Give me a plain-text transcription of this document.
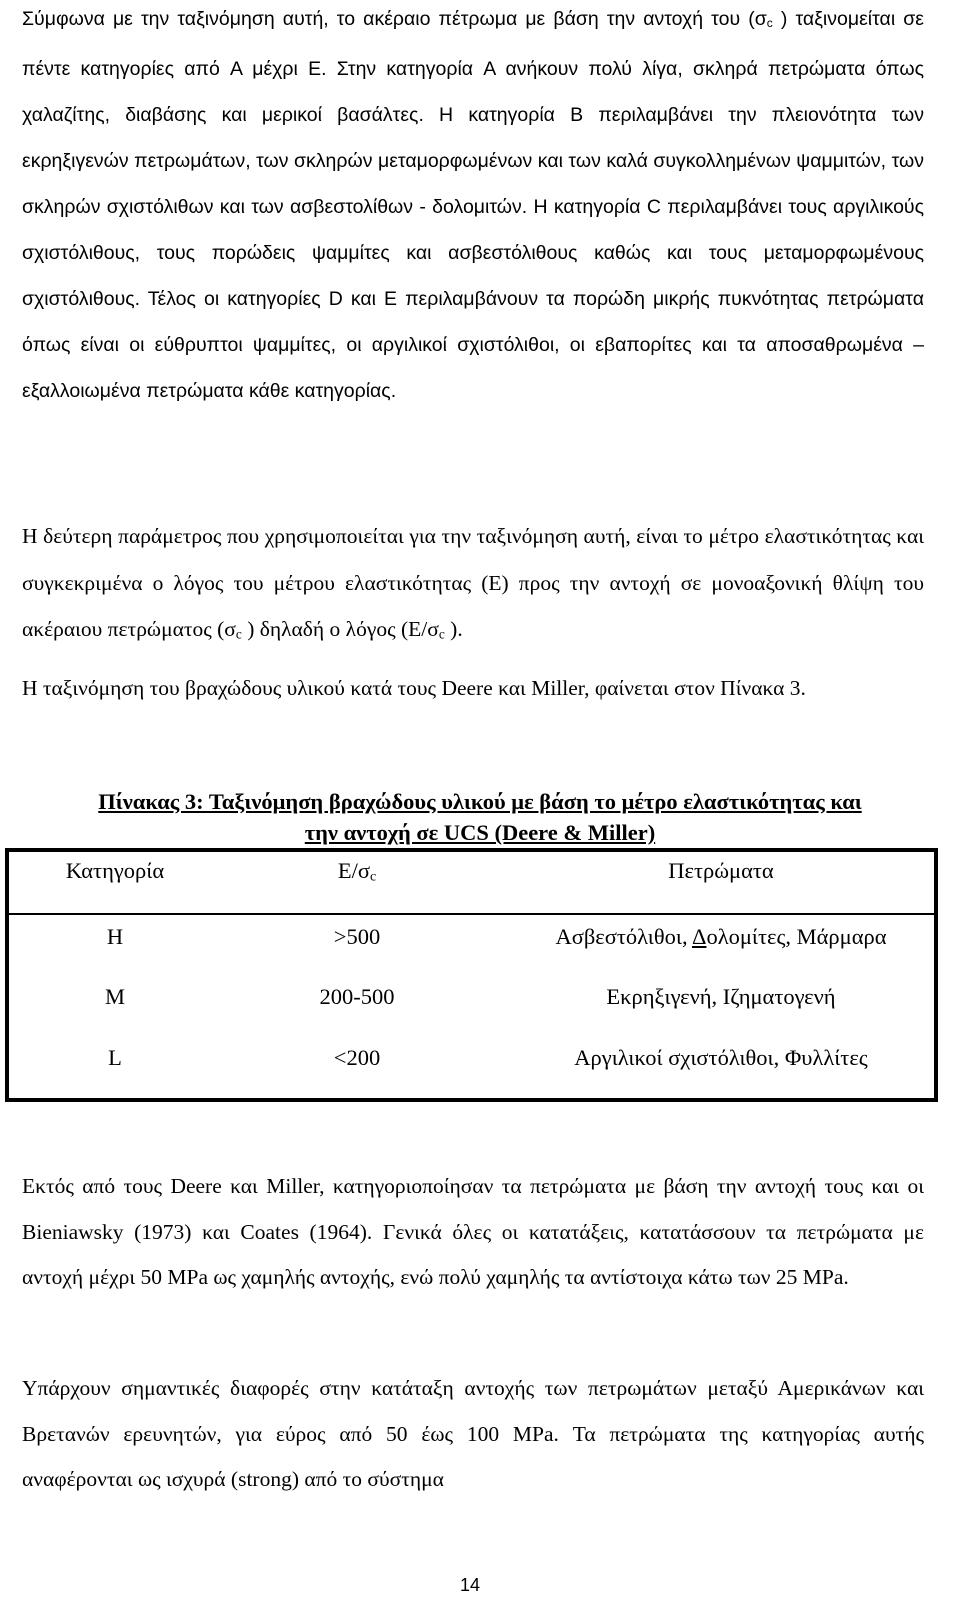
Σύμφωνα με την ταξινόμηση αυτή, το ακέραιο πέτρωμα με βάση την αντοχή του (σc ) ταξινομείται σε πέντε κατηγορίες από A μέχρι E. Στην κατηγορία A ανήκουν πολύ λίγα, σκληρά πετρώματα όπως χαλαζίτης, διαβάσης και μερικοί βασάλτες. Η κατηγορία B περιλαμβάνει την πλειονότητα των εκρηξιγενών πετρωμάτων, των σκληρών μεταμορφωμένων και των καλά συγκολλημένων ψαμμιτών, των σκληρών σχιστόλιθων και των ασβεστολίθων - δολομιτών. Η κατηγορία C περιλαμβάνει τους αργιλικούς σχιστόλιθους, τους πορώδεις ψαμμίτες και ασβεστόλιθους καθώς και τους μεταμορφωμένους σχιστόλιθους. Τέλος οι κατηγορίες D και E περιλαμβάνουν τα πορώδη μικρής πυκνότητας πετρώματα όπως είναι οι εύθρυπτοι ψαμμίτες, οι αργιλικοί σχιστόλιθοι, οι εβαπορίτες και τα αποσαθρωμένα – εξαλλοιωμένα πετρώματα κάθε κατηγορίας.

Η δεύτερη παράμετρος που χρησιμοποιείται για την ταξινόμηση αυτή, είναι το μέτρο ελαστικότητας και συγκεκριμένα ο λόγος του μέτρου ελαστικότητας (E) προς την αντοχή σε μονοαξονική θλίψη του ακέραιου πετρώματος (σc ) δηλαδή ο λόγος (E/σc ).

Η ταξινόμηση του βραχώδους υλικού κατά τους Deere και Miller, φαίνεται στον Πίνακα 3.

Πίνακας 3: Ταξινόμηση βραχώδους υλικού με βάση το μέτρο ελαστικότητας και
την αντοχή σε UCS (Deere & Miller)
Κατηγορία	E/σc	Πετρώματα
H	>500	Ασβεστόλιθοι, Δολομίτες, Μάρμαρα
M	200-500	Εκρηξιγενή, Ιζηματογενή
L	<200	Αργιλικοί σχιστόλιθοι, Φυλλίτες

Εκτός από τους Deere και Miller, κατηγοριοποίησαν τα πετρώματα με βάση την αντοχή τους και οι Bieniawsky (1973) και Coates (1964). Γενικά όλες οι κατατάξεις, κατατάσσουν τα πετρώματα με αντοχή μέχρι 50 MPa ως χαμηλής αντοχής, ενώ πολύ χαμηλής τα αντίστοιχα κάτω των 25 MPa.

Υπάρχουν σημαντικές διαφορές στην κατάταξη αντοχής των πετρωμάτων μεταξύ Αμερικάνων και Βρετανών ερευνητών, για εύρος από 50 έως 100 MPa. Τα πετρώματα της κατηγορίας αυτής αναφέρονται ως ισχυρά (strong) από το σύστημα

14
